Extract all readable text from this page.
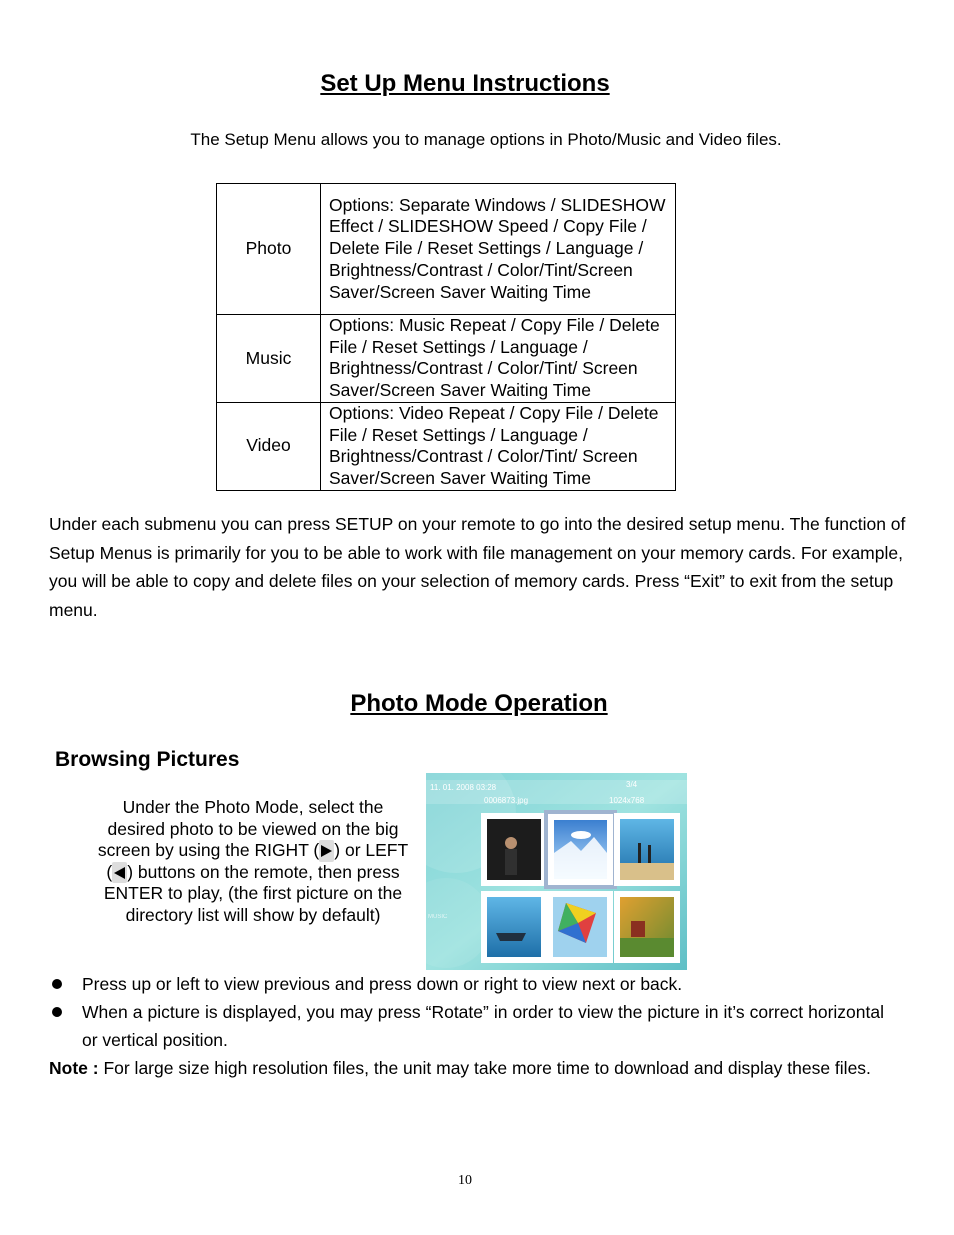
Set Up Menu Instructions
The Setup Menu allows you to manage options in Photo/Music and Video files.
Photo	Options: Separate Windows / SLIDESHOW Effect / SLIDESHOW Speed / Copy File / Delete File / Reset Settings / Language / Brightness/Contrast / Color/Tint/Screen Saver/Screen Saver Waiting Time
Music	Options: Music Repeat / Copy File / Delete File / Reset Settings / Language / Brightness/Contrast / Color/Tint/ Screen Saver/Screen Saver Waiting Time
Video	Options: Video Repeat / Copy File / Delete File / Reset Settings / Language / Brightness/Contrast / Color/Tint/ Screen Saver/Screen Saver Waiting Time
Under each submenu you can press SETUP on your remote to go into the desired setup menu. The function of Setup Menus is primarily for you to be able to work with file management on your memory cards. For example, you will be able to copy and delete files on your selection of memory cards. Press “Exit” to exit from the setup menu.
Photo Mode Operation
Browsing Pictures
Under the Photo Mode, select the desired photo to be viewed on the big screen by using the RIGHT ( ) or LEFT ( ) buttons on the remote, then press ENTER to play, (the first picture on the directory list will show by default)
11. 01. 2008 03:28	3/4
0006873.jpg	1024x768
MUSIC
Press up or left to view previous and press down or right to view next or back.
When a picture is displayed, you may press “Rotate” in order to view the picture in it’s correct horizontal or vertical position.
Note : For large size high resolution files, the unit may take more time to download and display these files.
10
